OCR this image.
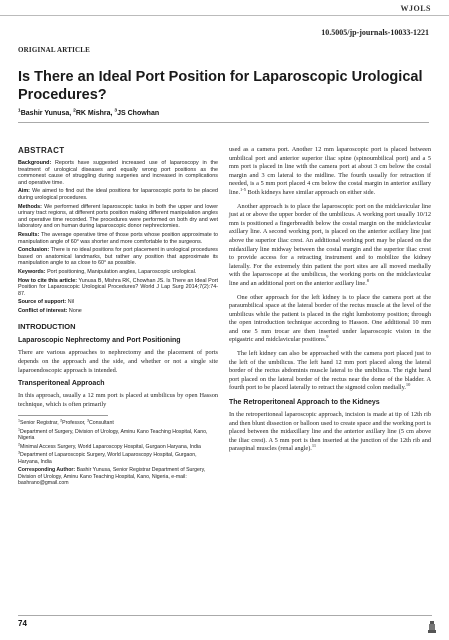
WJOLS
10.5005/jp-journals-10033-1221
ORIGINAL ARTICLE
Is There an Ideal Port Position for Laparoscopic Urological Procedures?
$^1$Bashir Yunusa, $^2$RK Mishra, $^3$JS Chowhan
ABSTRACT

Background: Reports have suggested increased use of laparoscopy in the treatment of urological diseases and equally wrong port positions as the commonest cause of struggling during surgeries and increased in complications and operative time.

Aim: We aimed to find out the ideal positions for laparoscopic ports to be placed during urological procedures.

Methods: We performed different laparoscopic tasks in both the upper and lower urinary tract regions, at different ports position making different manipulation angles and operative time recorded. The procedures were performed on both dry and wet laboratory and on human during laparoscopic donor nephrectomies.

Results: The average operative time of those ports whose position approximate to manipulation angle of 60° was shorter and more comfortable to the surgeons.

Conclusion: There is no ideal positions for port placement in urological procedures based on anatomical landmarks, but rather any position that approximate its manipulation angle to as close to 60° as possible.

Keywords: Port positioning, Manipulation angles, Laparoscopic urological.

How to cite this article: Yunusa B, Mishra RK, Chowhan JS. Is There an Ideal Port Position for Laparoscopic Urological Procedures? World J Lap Surg 2014;7(2):74-87.

Source of support: Nil

Conflict of interest: None

INTRODUCTION
Laparoscopic Nephrectomy and Port Positioning

There are various approaches to nephrectomy and the placement of ports depends on the approach and the side, and whether or not a single site laparoendoscopic approach is intended.

Transperitoneal Approach

In this approach, usually a 12 mm port is placed at umbilicus by open Hasson technique, which is often primarily

$^1$Senior Registrar, $^2$Professor, $^3$Consultant

$^1$Department of Surgery, Division of Urology, Aminu Kano Teaching Hospital, Kano, Nigeria

$^2$Minimal Access Surgery, World Laparoscopy Hospital, Gurgaon Haryana, India

$^3$Department of Laparoscopic Surgery, World Laparoscopy Hospital, Gurgaon, Haryana, India

Corresponding Author: Bashir Yunusa, Senior Registrar Department of Surgery, Division of Urology, Aminu Kano Teaching Hospital, Kano, Nigeria, e-mail: bashrano@gmail.com

used as a camera port. Another 12 mm laparoscopic port is placed between umbilical port and anterior superior iliac spine (spinoumbilical port) and a 5 mm port is placed in line with the camera port at about 3 cm below the costal margin and 3 cm lateral to the midline. The fourth usually for retraction if needed, is a 5 mm port placed 4 cm below the costal margin in anterior axillary line.$^{1-5}$ Both kidneys have similar approach on either side.

Another approach is to place the laparoscopic port on the midclavicular line just at or above the upper border of the umbilicus. A working port usually 10/12 mm is positioned a fingerbreadth below the costal margin on the midclavicular axillary line. A second working port, is placed on the anterior axillary line just above the superior iliac crest. An additional working port may be placed on the midaxillary line midway between the costal margin and the superior iliac crest to provide access for a retracting instrument and to mobilize the kidney laterally. For the extremely thin patient the port sites are all moved medially with the laparoscope at the umbilicus, the working ports on the midclavicular line and an additional port on the anterior axillary line.$^8$

One other approach for the left kidney is to place the camera port at the paraumbilical space at the lateral border of the rectus muscle at the level of the umbilicus while the patient is placed in the right lumbotomy position; through the open introduction technique according to Hasson. One additional 10 mm and one 5 mm trocar are then inserted under laparoscopic vision in the epigastric and midclavicular positions.$^9$

The left kidney can also be approached with the camera port placed just to the left of the umbilicus. The left hand 12 mm port placed along the lateral border of the rectus abdominis muscle lateral to the umbilicus. The right hand port placed on the lateral border of the rectus near the dome of the bladder. A fourth port to be placed laterally to retract the sigmoid colon medially.$^{10}$

The Retroperitoneal Approach to the Kidneys

In the retroperitoneal laparoscopic approach, incision is made at tip of 12th rib and then blunt dissection or balloon used to create space and the working port is placed between the midaxillary line and the anterior axillary line (5 cm above the iliac crest). A 5 mm port is then inserted at the junction of the 12th rib and paraspinal muscles (renal angle).$^{11}$

74
